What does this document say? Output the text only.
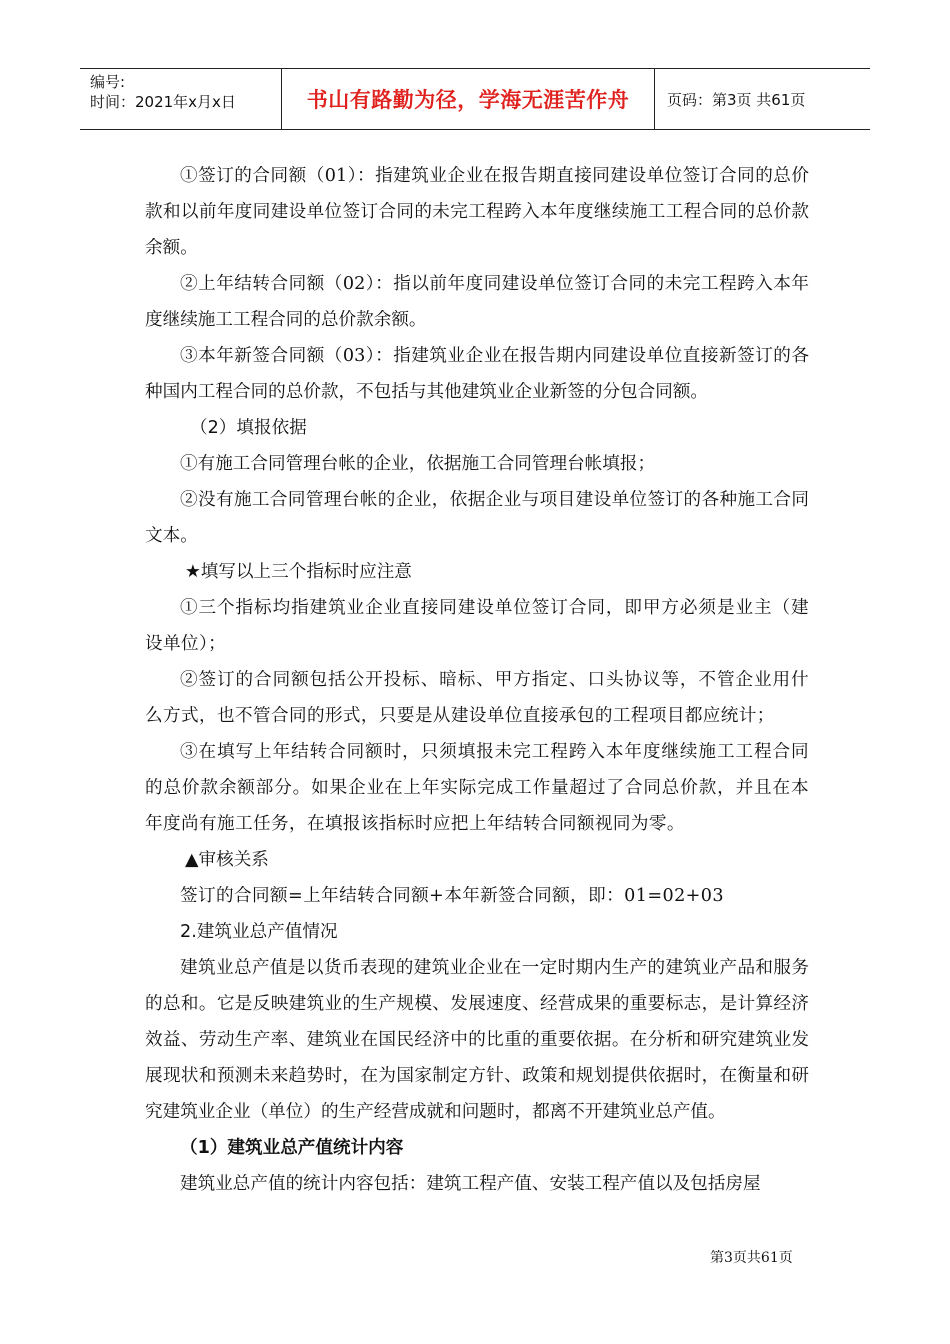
编号:
时间：2021年x月x日	书山有路勤为径，学海无涯苦作舟	页码：第3页 共61页

①签订的合同额（01）：指建筑业企业在报告期直接同建设单位签订合同的总价款和以前年度同建设单位签订合同的未完工程跨入本年度继续施工工程合同的总价款余额。

②上年结转合同额（02）：指以前年度同建设单位签订合同的未完工程跨入本年度继续施工工程合同的总价款余额。

③本年新签合同额（03）：指建筑业企业在报告期内同建设单位直接新签订的各种国内工程合同的总价款，不包括与其他建筑业企业新签的分包合同额。

（2）填报依据

①有施工合同管理台帐的企业，依据施工合同管理台帐填报；

②没有施工合同管理台帐的企业，依据企业与项目建设单位签订的各种施工合同文本。

★填写以上三个指标时应注意

①三个指标均指建筑业企业直接同建设单位签订合同，即甲方必须是业主（建设单位）；

②签订的合同额包括公开投标、暗标、甲方指定、口头协议等，不管企业用什么方式，也不管合同的形式，只要是从建设单位直接承包的工程项目都应统计；

③在填写上年结转合同额时，只须填报未完工程跨入本年度继续施工工程合同的总价款余额部分。如果企业在上年实际完成工作量超过了合同总价款，并且在本年度尚有施工任务，在填报该指标时应把上年结转合同额视同为零。

▲审核关系

签订的合同额=上年结转合同额+本年新签合同额，即：01=02+03

2.建筑业总产值情况

建筑业总产值是以货币表现的建筑业企业在一定时期内生产的建筑业产品和服务的总和。它是反映建筑业的生产规模、发展速度、经营成果的重要标志，是计算经济效益、劳动生产率、建筑业在国民经济中的比重的重要依据。在分析和研究建筑业发展现状和预测未来趋势时，在为国家制定方针、政策和规划提供依据时，在衡量和研究建筑业企业（单位）的生产经营成就和问题时，都离不开建筑业总产值。

（1）建筑业总产值统计内容

建筑业总产值的统计内容包括：建筑工程产值、安装工程产值以及包括房屋

第3页共61页
